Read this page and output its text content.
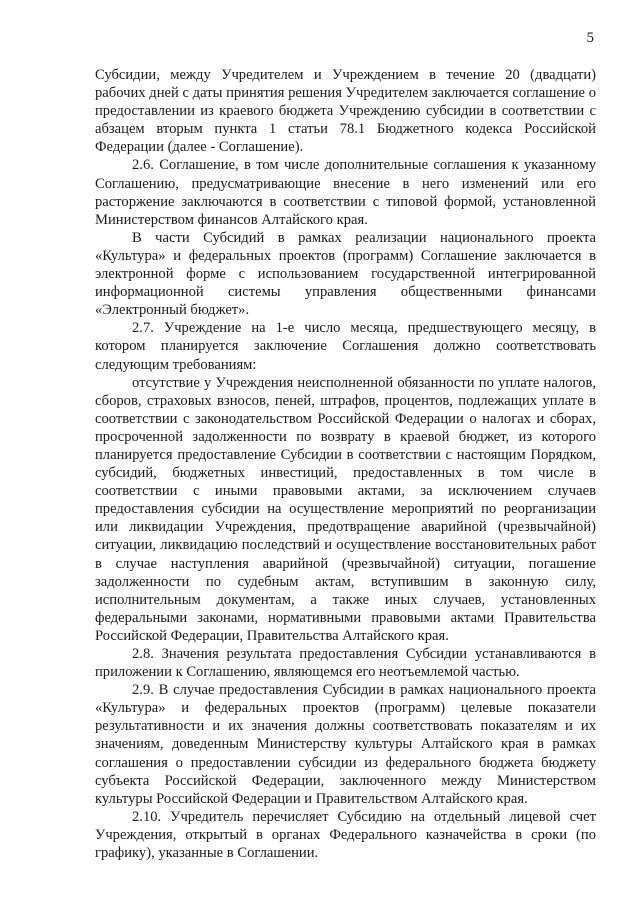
5

Субсидии, между Учредителем и Учреждением в течение 20 (двадцати) рабочих дней с даты принятия решения Учредителем заключается соглашение о предоставлении из краевого бюджета Учреждению субсидии в соответствии с абзацем вторым пункта 1 статьи 78.1 Бюджетного кодекса Российской Федерации (далее - Соглашение).

2.6. Соглашение, в том числе дополнительные соглашения к указанному Соглашению, предусматривающие внесение в него изменений или его расторжение заключаются в соответствии с типовой формой, установленной Министерством финансов Алтайского края.

В части Субсидий в рамках реализации национального проекта «Культура» и федеральных проектов (программ) Соглашение заключается в электронной форме с использованием государственной интегрированной информационной системы управления общественными финансами «Электронный бюджет».

2.7. Учреждение на 1-е число месяца, предшествующего месяцу, в котором планируется заключение Соглашения должно соответствовать следующим требованиям:

отсутствие у Учреждения неисполненной обязанности по уплате налогов, сборов, страховых взносов, пеней, штрафов, процентов, подлежащих уплате в соответствии с законодательством Российской Федерации о налогах и сборах, просроченной задолженности по возврату в краевой бюджет, из которого планируется предоставление Субсидии в соответствии с настоящим Порядком, субсидий, бюджетных инвестиций, предоставленных в том числе в соответствии с иными правовыми актами, за исключением случаев предоставления субсидии на осуществление мероприятий по реорганизации или ликвидации Учреждения, предотвращение аварийной (чрезвычайной) ситуации, ликвидацию последствий и осуществление восстановительных работ в случае наступления аварийной (чрезвычайной) ситуации, погашение задолженности по судебным актам, вступившим в законную силу, исполнительным документам, а также иных случаев, установленных федеральными законами, нормативными правовыми актами Правительства Российской Федерации, Правительства Алтайского края.

2.8. Значения результата предоставления Субсидии устанавливаются в приложении к Соглашению, являющемся его неотъемлемой частью.

2.9. В случае предоставления Субсидии в рамках национального проекта «Культура» и федеральных проектов (программ) целевые показатели результативности и их значения должны соответствовать показателям и их значениям, доведенным Министерству культуры Алтайского края в рамках соглашения о предоставлении субсидии из федерального бюджета бюджету субъекта Российской Федерации, заключенного между Министерством культуры Российской Федерации и Правительством Алтайского края.

2.10. Учредитель перечисляет Субсидию на отдельный лицевой счет Учреждения, открытый в органах Федерального казначейства в сроки (по графику), указанные в Соглашении.
